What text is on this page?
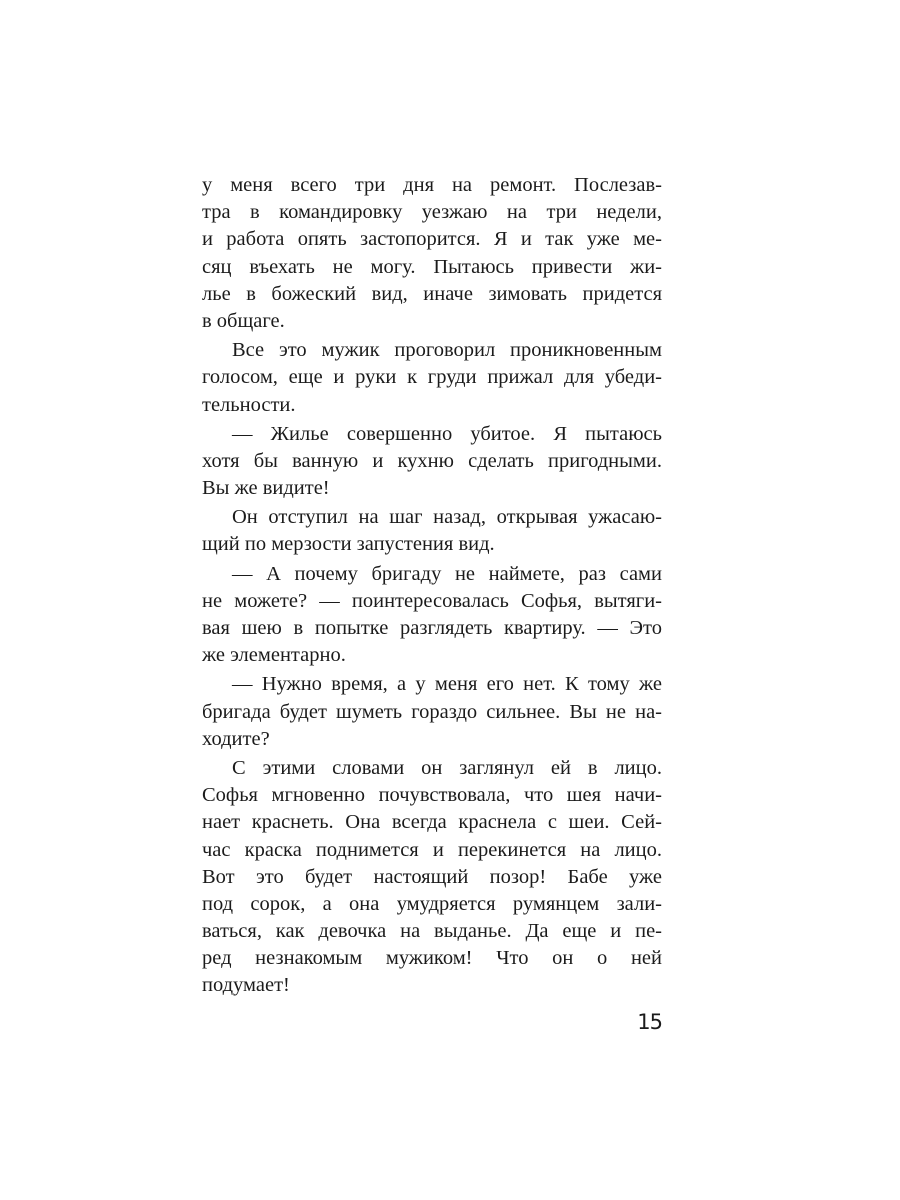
у меня всего три дня на ремонт. Послезав-
тра в командировку уезжаю на три недели,
и работа опять застопорится. Я и так уже ме-
сяц въехать не могу. Пытаюсь привести жи-
лье в божеский вид, иначе зимовать придется
в общаге.
Все это мужик проговорил проникновенным
голосом, еще и руки к груди прижал для убеди-
тельности.
— Жилье совершенно убитое. Я пытаюсь
хотя бы ванную и кухню сделать пригодными.
Вы же видите!
Он отступил на шаг назад, открывая ужасаю-
щий по мерзости запустения вид.
— А почему бригаду не наймете, раз сами
не можете? — поинтересовалась Софья, вытяги-
вая шею в попытке разглядеть квартиру. — Это
же элементарно.
— Нужно время, а у меня его нет. К тому же
бригада будет шуметь гораздо сильнее. Вы не на-
ходите?
С этими словами он заглянул ей в лицо.
Софья мгновенно почувствовала, что шея начи-
нает краснеть. Она всегда краснела с шеи. Сей-
час краска поднимется и перекинется на лицо.
Вот это будет настоящий позор! Бабе уже
под сорок, а она умудряется румянцем зали-
ваться, как девочка на выданье. Да еще и пе-
ред незнакомым мужиком! Что он о ней
подумает!
15
